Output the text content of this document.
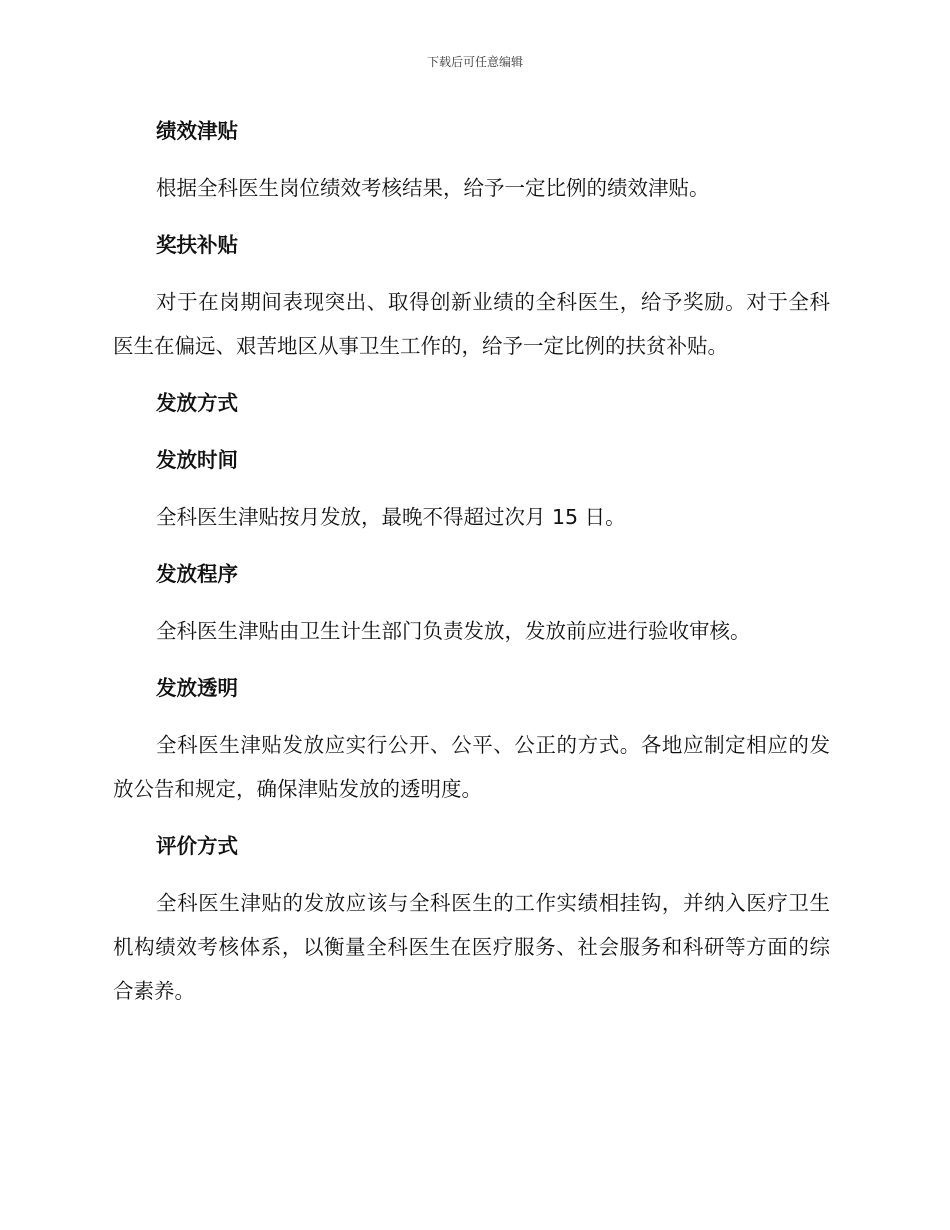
下载后可任意编辑
绩效津贴
根据全科医生岗位绩效考核结果，给予一定比例的绩效津贴。
奖扶补贴
对于在岗期间表现突出、取得创新业绩的全科医生，给予奖励。对于全科医生在偏远、艰苦地区从事卫生工作的，给予一定比例的扶贫补贴。
发放方式
发放时间
全科医生津贴按月发放，最晚不得超过次月 15 日。
发放程序
全科医生津贴由卫生计生部门负责发放，发放前应进行验收审核。
发放透明
全科医生津贴发放应实行公开、公平、公正的方式。各地应制定相应的发放公告和规定，确保津贴发放的透明度。
评价方式
全科医生津贴的发放应该与全科医生的工作实绩相挂钩，并纳入医疗卫生机构绩效考核体系，以衡量全科医生在医疗服务、社会服务和科研等方面的综合素养。
